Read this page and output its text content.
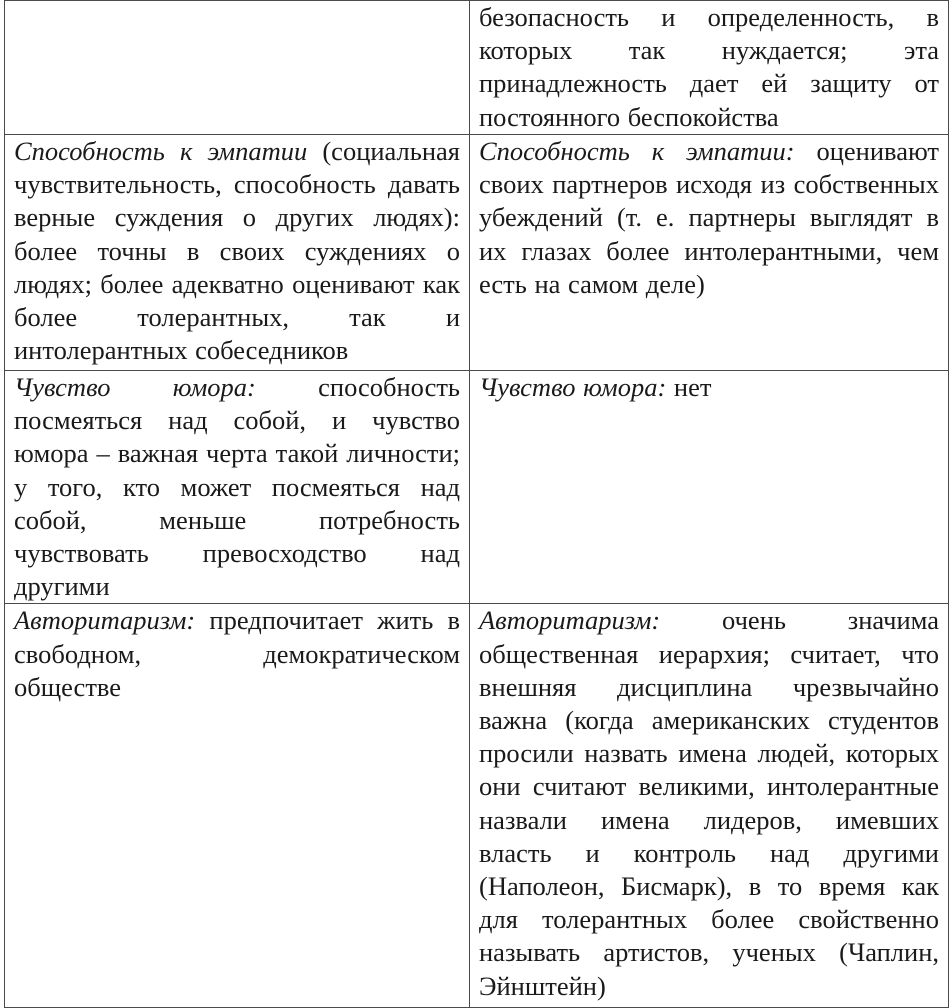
	безопасность и определенность, в которых так нуждается; эта принадлежность дает ей защиту от постоянного беспокойства
Способность к эмпатии (социальная чувствительность, способность давать верные суждения о других людях): более точны в своих суждениях о людях; более адекватно оценивают как более толерантных, так и интолерантных собеседников	Способность к эмпатии: оценивают своих партнеров исходя из собственных убеждений (т. е. партнеры выглядят в их глазах более интолерантными, чем есть на самом деле)
Чувство юмора: способность посмеяться над собой, и чувство юмора – важная черта такой личности; у того, кто может посмеяться над собой, меньше потребность чувствовать превосходство над другими	Чувство юмора: нет
Авторитаризм: предпочитает жить в свободном, демократическом обществе	Авторитаризм: очень значима общественная иерархия; считает, что внешняя дисциплина чрезвычайно важна (когда американских студентов просили назвать имена людей, которых они считают великими, интолерантные назвали имена лидеров, имевших власть и контроль над другими (Наполеон, Бисмарк), в то время как для толерантных более свойственно называть артистов, ученых (Чаплин, Эйнштейн)
